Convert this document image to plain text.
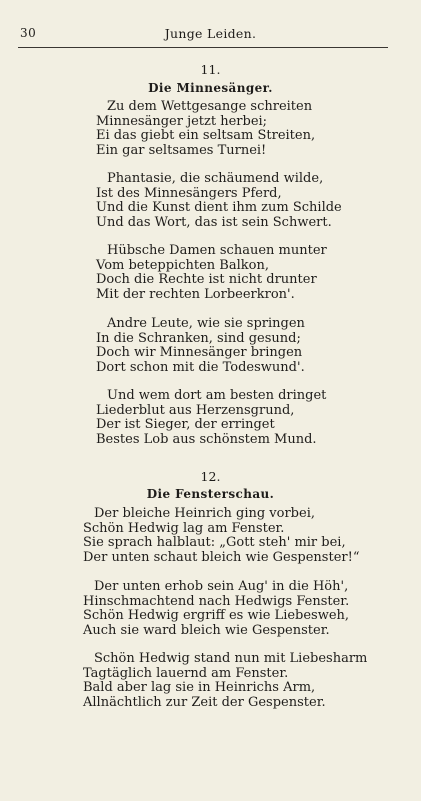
30	Junge Leiden.
11.
Die Minnesänger.
Zu dem Wettgesange schreiten
Minnesänger jetzt herbei;
Ei das giebt ein seltsam Streiten,
Ein gar seltsames Turnei!
Phantasie, die schäumend wilde,
Ist des Minnesängers Pferd,
Und die Kunst dient ihm zum Schilde
Und das Wort, das ist sein Schwert.
Hübsche Damen schauen munter
Vom beteppichten Balkon,
Doch die Rechte ist nicht drunter
Mit der rechten Lorbeerkron'.
Andre Leute, wie sie springen
In die Schranken, sind gesund;
Doch wir Minnesänger bringen
Dort schon mit die Todeswund'.
Und wem dort am besten dringet
Liederblut aus Herzensgrund,
Der ist Sieger, der erringet
Bestes Lob aus schönstem Mund.
12.
Die Fensterschau.
Der bleiche Heinrich ging vorbei,
Schön Hedwig lag am Fenster.
Sie sprach halblaut: „Gott steh' mir bei,
Der unten schaut bleich wie Gespenster!“
Der unten erhob sein Aug' in die Höh',
Hinschmachtend nach Hedwigs Fenster.
Schön Hedwig ergriff es wie Liebesweh,
Auch sie ward bleich wie Gespenster.
Schön Hedwig stand nun mit Liebesharm
Tagtäglich lauernd am Fenster.
Bald aber lag sie in Heinrichs Arm,
Allnächtlich zur Zeit der Gespenster.
